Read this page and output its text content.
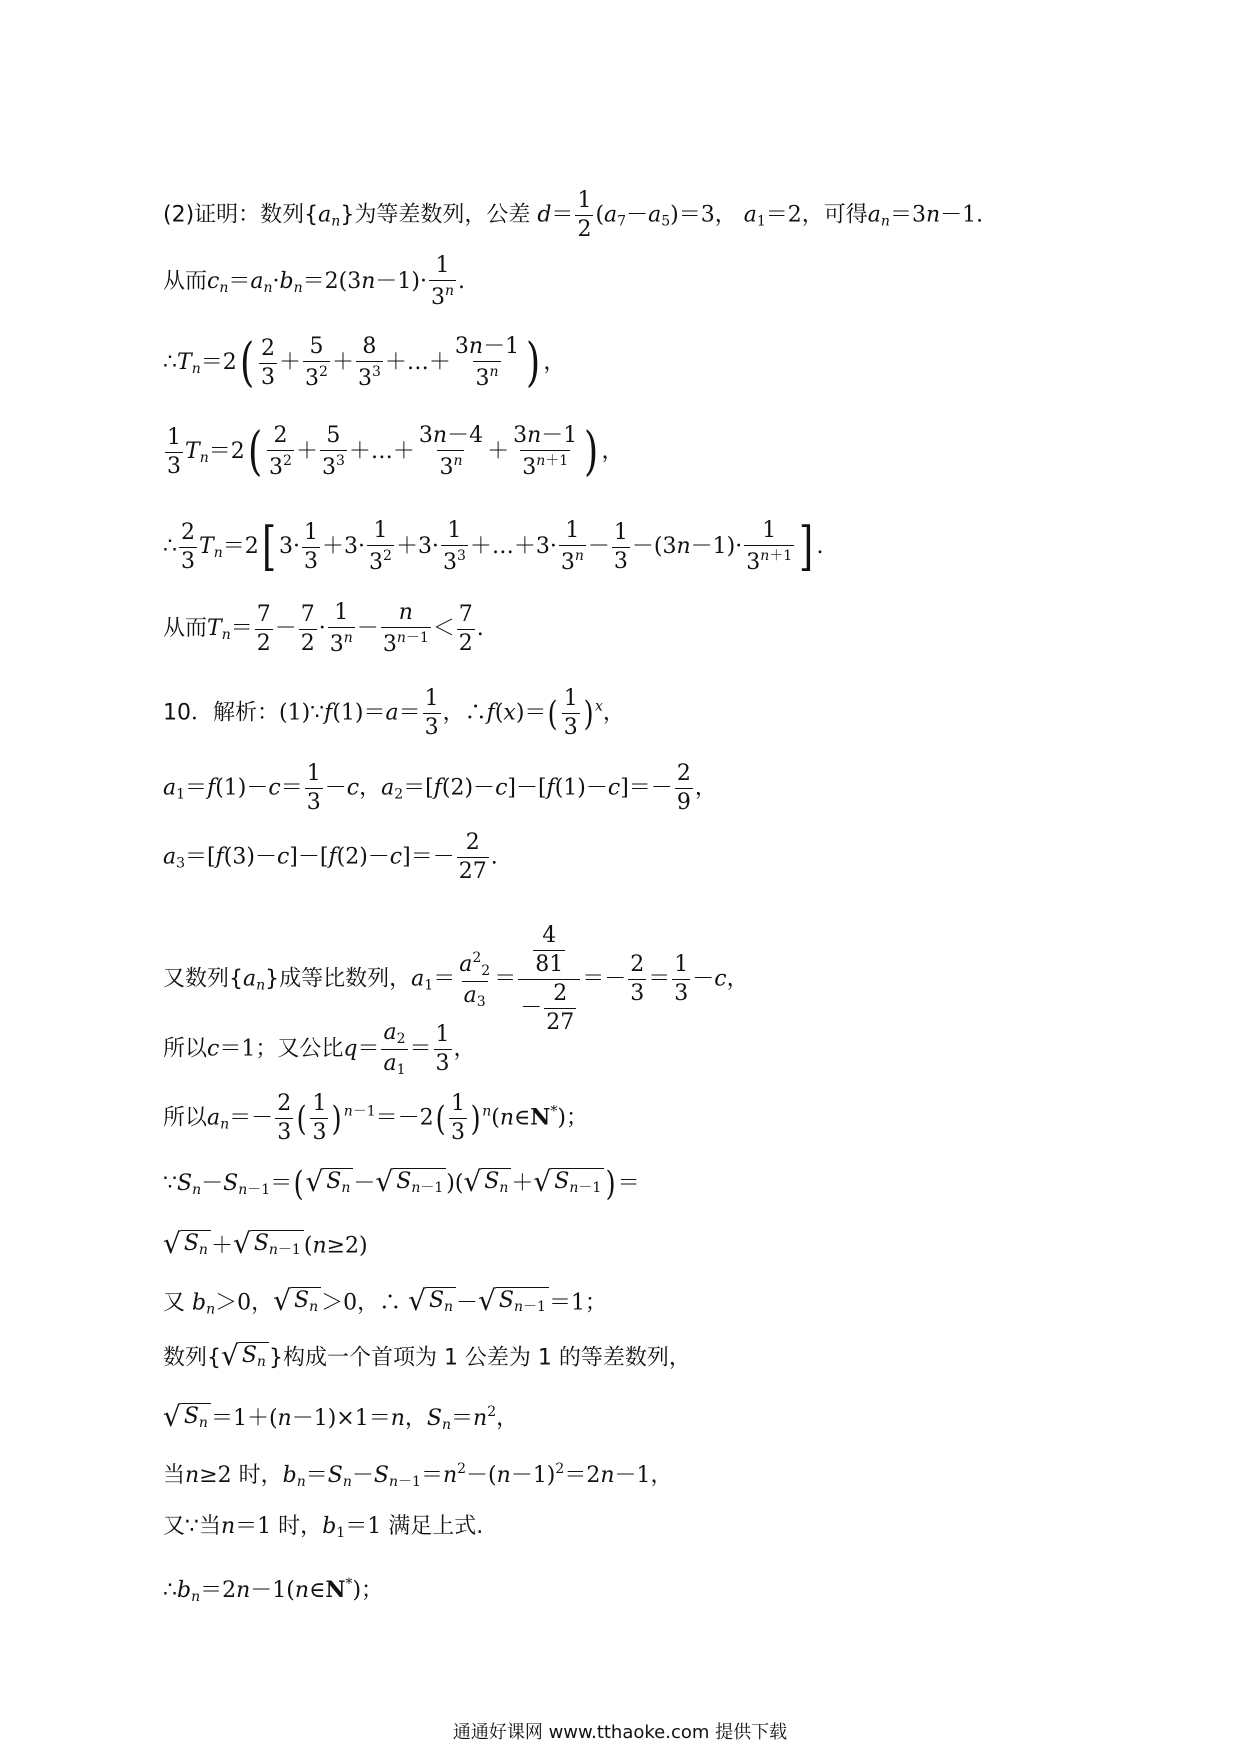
(2)证明：数列$\{a_n\}$为等差数列，公差 $d= \frac{1}{2} (a_7-a_5)=3$， $a_1=2$，可得$a_n=3n-1$.
从而$c_n=a_n\cdot b_n=2(3n-1)\cdot \frac{1}{3^n}$ .
$\therefore T_n=2( \frac{2}{3} + \frac{5}{3^2} + \frac{8}{3^3}$ ＋…＋ $\frac{3n-1}{3^n}$ ) ，
$\frac{1}{3} T_n=2( \frac{2}{3^2} + \frac{5}{3^3}$ ＋…＋ $\frac{3n-4}{3^n} + \frac{3n-1}{3^{n+1}}$ ) ，
∴ $\frac{2}{3} T_n=2$[ $3\cdot \frac{1}{3} +3\cdot \frac{1}{3^2} +3\cdot \frac{1}{3^3}$ ＋…＋3· $\frac{1}{3^n} - \frac{1}{3} -(3n-1)\cdot \frac{1}{3^{n+1}}$ ] .
从而$T_n= \frac{7}{2} - \frac{7}{2} \cdot \frac{1}{3^n} - \frac{n}{3^{n-1}} < \frac{7}{2}$ .
10．解析：(1)∵f(1)＝a＝ $\frac{1}{3}$ ，∴f(x)＝( $\frac{1}{3}$ ) $^x$，
$a_1=f(1)-c= \frac{1}{3} -c$，$a_2=[f(2)-c]-[f(1)-c]=- \frac{2}{9}$ ，
$a_3=[f(3)-c]-[f(2)-c]=- \frac{2}{27}$ .
又数列$\{a_n\}$成等比数列，$a_1= \frac{a^2_2}{a_3} = \frac{\frac{4}{81}}{- \frac{2}{27}} =- \frac{2}{3} = \frac{1}{3} -c$，
所以c＝1；又公比$q= \frac{a_2}{a_1} = \frac{1}{3}$ ，
所以$a_n=- \frac{2}{3}$ ( $\frac{1}{3}$ ) $^{n-1}=-2( \frac{1}{3}$ ) $^n$(n∈N*)；
$\because S_n-S_{n-1}=$( √ $S_n$ － √ $S_{n-1}$ )( √ $S_n$ ＋ √ $S_{n-1}$ )＝
√ $S_n$ ＋ √ $S_{n-1}$ (n≥2)
又 $b_n>0$， √ $S_n >0$，∴ √ $S_n$ － √ $S_{n-1} =1$；
数列{ √ $S_n$ }构成一个首项为 1 公差为 1 的等差数列，
√ $S_n =1+(n-1)\times 1=n$，$S_n=n^2$，
当n≥2 时，$b_n=S_n-S_{n-1}=n^2-(n-1)^2=2n-1$，
又∵当n＝1 时，$b_1=1$ 满足上式.
$\therefore b_n=2n-1(n\in N^*)$；
通通好课网 www.tthaoke.com 提供下载
